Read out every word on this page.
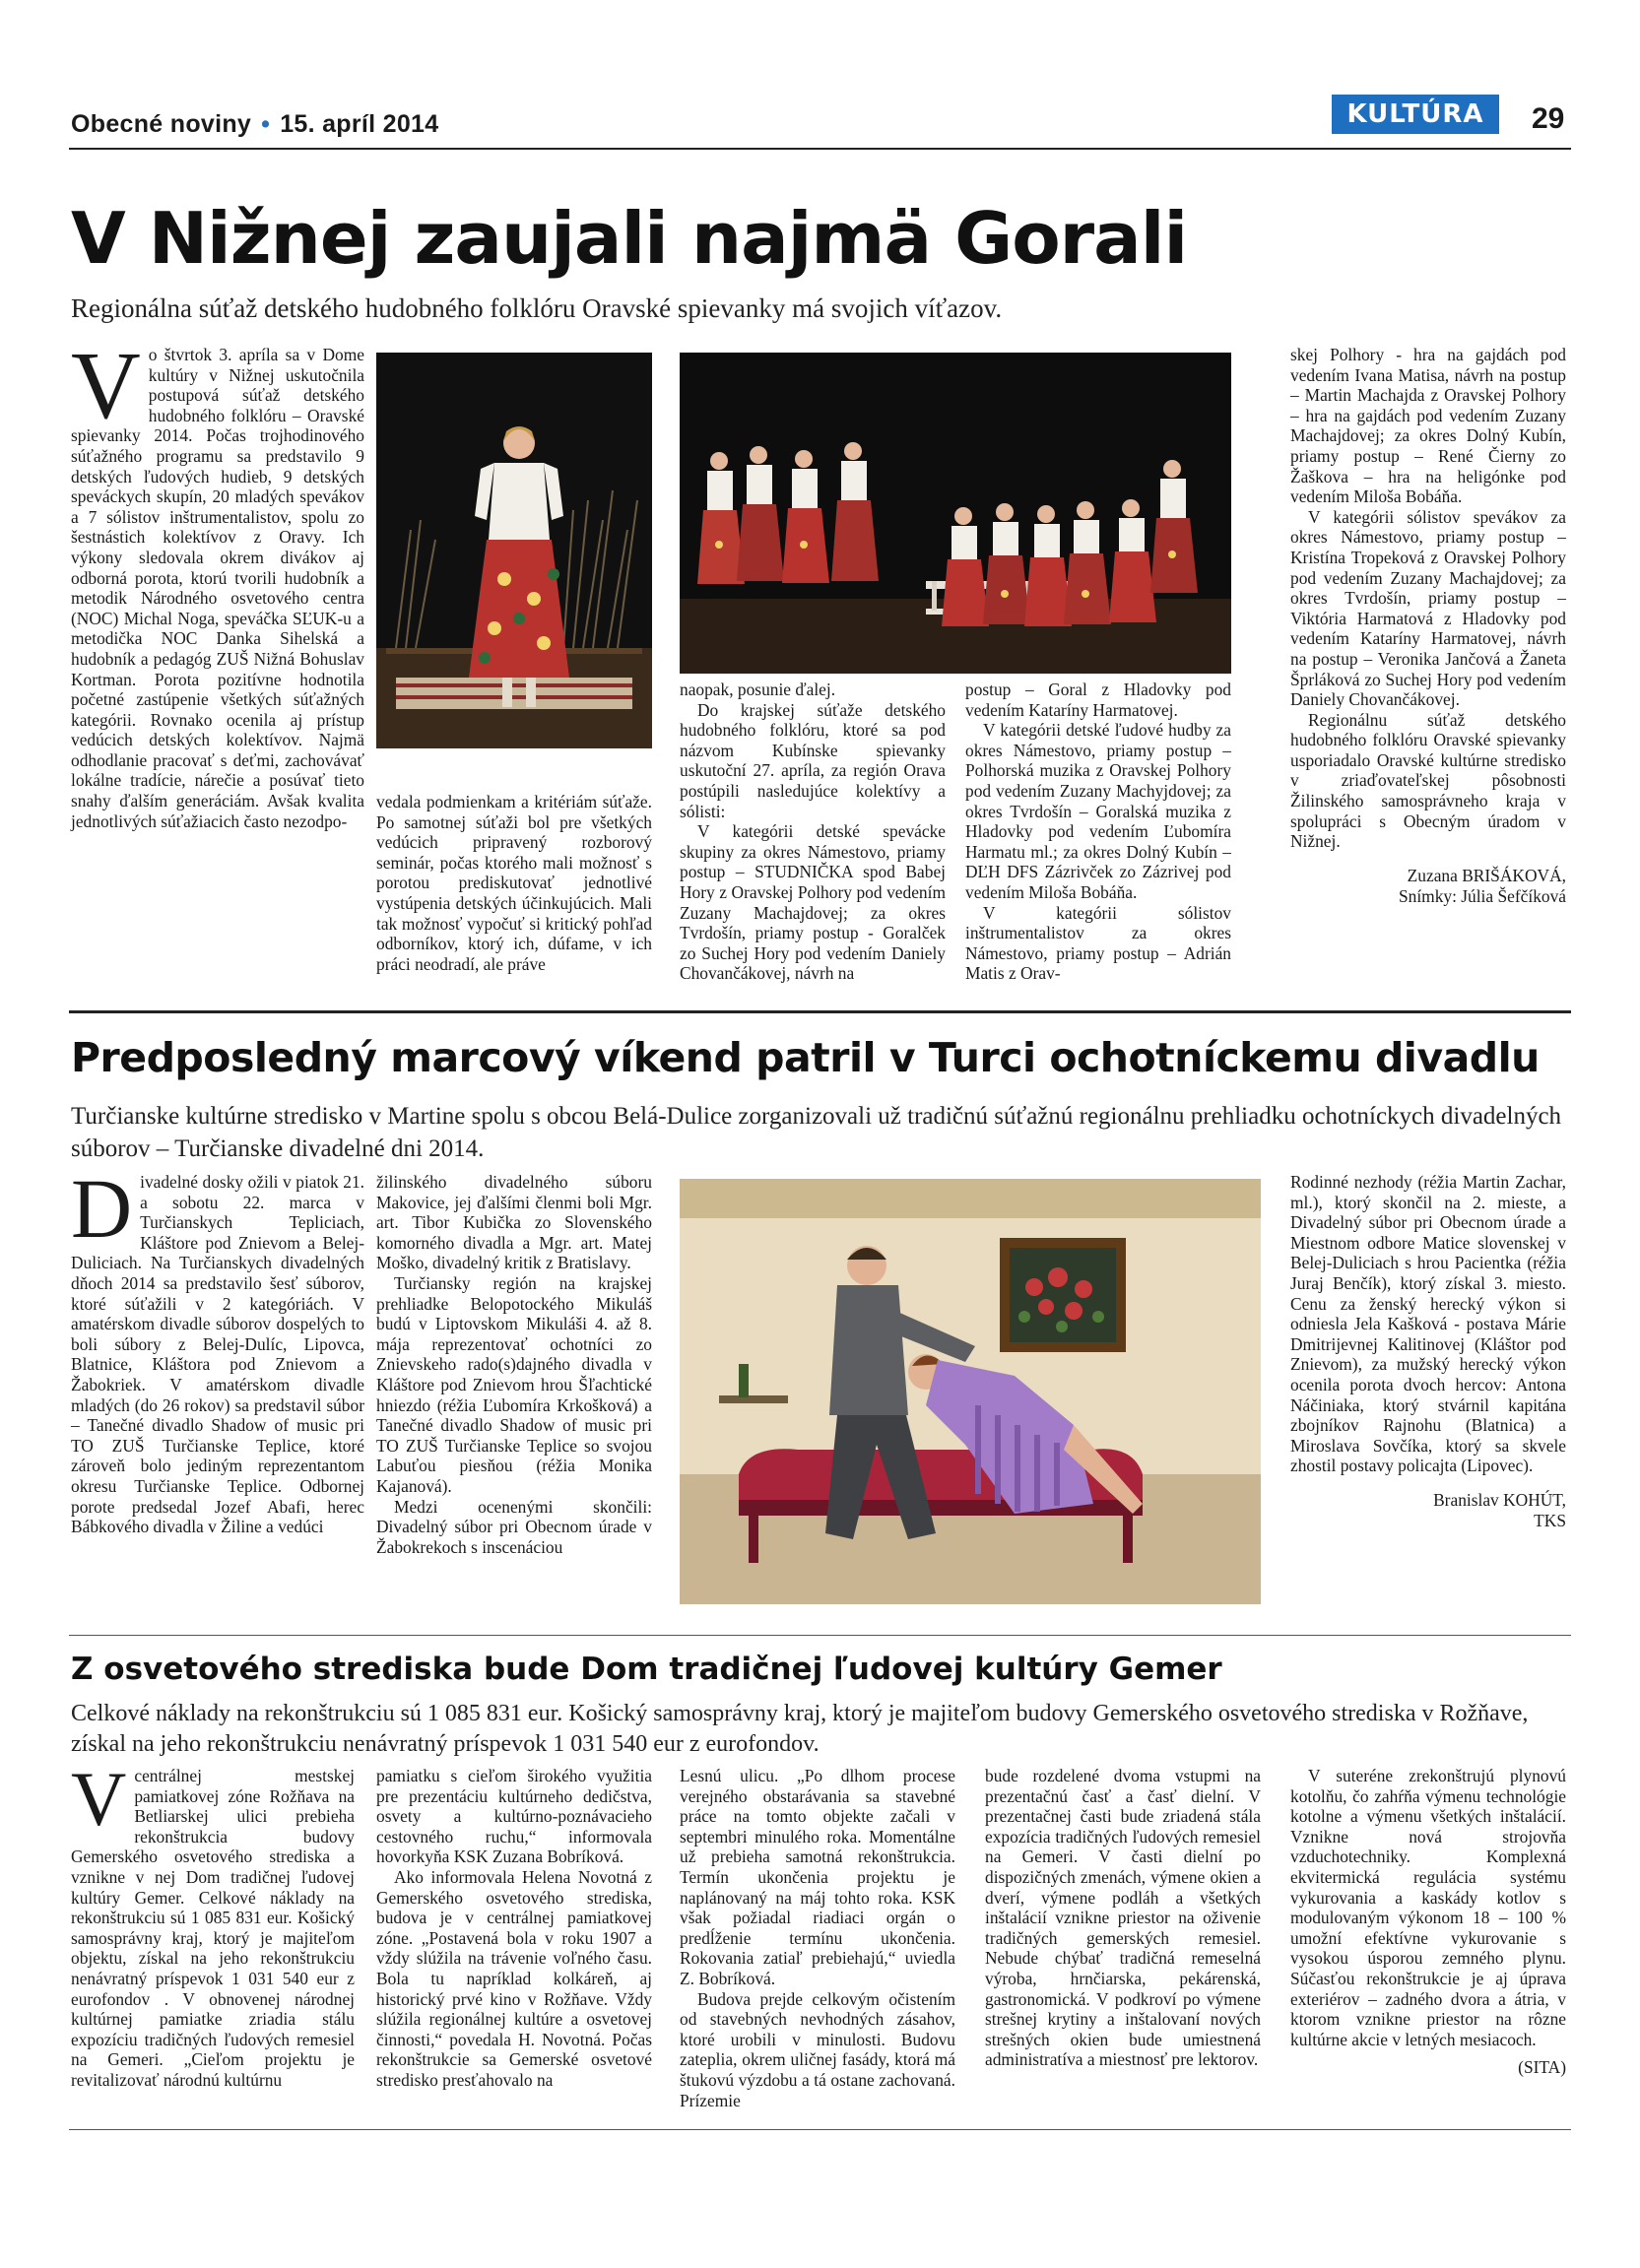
Obecné noviny • 15. apríl 2014	KULTÚRA	29
V Nižnej zaujali najmä Gorali
Regionálna súťaž detského hudobného folklóru Oravské spievanky má svojich víťazov.

Vo štvrtok 3. apríla sa v Dome kultúry v Nižnej uskutočnila postupová súťaž detského hudobného folklóru – Oravské spievanky 2014. Počas trojhodinového súťažného programu sa predstavilo 9 detských ľudových hudieb, 9 detských speváckych skupín, 20 mladých spevákov a 7 sólistov inštrumentalistov, spolu zo šestnástich kolektívov z Oravy. Ich výkony sledovala okrem divákov aj odborná porota, ktorú tvorili hudobník a metodik Národného osvetového centra (NOC) Michal Noga, speváčka SĽUK-u a metodička NOC Danka Sihelská a hudobník a pedagóg ZUŠ Nižná Bohuslav Kortman. Porota pozitívne hodnotila početné zastúpenie všetkých súťažných kategórii. Rovnako ocenila aj prístup vedúcich detských kolektívov. Najmä odhodlanie pracovať s deťmi, zachovávať lokálne tradície, nárečie a posúvať tieto snahy ďalším generáciám. Avšak kvalita jednotlivých súťažiacich často nezodpo-

vedala podmienkam a kritériám súťaže. Po samotnej súťaži bol pre všetkých vedúcich pripravený rozborový seminár, počas ktorého mali možnosť s porotou prediskutovať jednotlivé vystúpenia detských účinkujúcich. Mali tak možnosť vypočuť si kritický pohľad odborníkov, ktorý ich, dúfame, v ich práci neodradí, ale práve

naopak, posunie ďalej.

Do krajskej súťaže detského hudobného folklóru, ktoré sa pod názvom Kubínske spievanky uskutoční 27. apríla, za región Orava postúpili nasledujúce kolektívy a sólisti:

V kategórii detské spevácke skupiny za okres Námestovo, priamy postup – STUDNIČKA spod Babej Hory z Oravskej Polhory pod vedením Zuzany Machajdovej; za okres Tvrdošín, priamy postup - Goralček zo Suchej Hory pod vedením Daniely Chovančákovej, návrh na

postup – Goral z Hladovky pod vedením Kataríny Harmatovej.

V kategórii detské ľudové hudby za okres Námestovo, priamy postup – Polhorská muzika z Oravskej Polhory pod vedením Zuzany Machyjdovej; za okres Tvrdošín – Goralská muzika z Hladovky pod vedením Ľubomíra Harmatu ml.; za okres Dolný Kubín – DĽH DFS Zázrivček zo Zázrivej pod vedením Miloša Bobáňa.

V kategórii sólistov inštrumentalistov za okres Námestovo, priamy postup – Adrián Matis z Orav-

skej Polhory - hra na gajdách pod vedením Ivana Matisa, návrh na postup – Martin Machajda z Oravskej Polhory – hra na gajdách pod vedením Zuzany Machajdovej; za okres Dolný Kubín, priamy postup – René Čierny zo Žaškova – hra na heligónke pod vedením Miloša Bobáňa.

V kategórii sólistov spevákov za okres Námestovo, priamy postup – Kristína Tropeková z Oravskej Polhory pod vedením Zuzany Machajdovej; za okres Tvrdošín, priamy postup – Viktória Harmatová z Hladovky pod vedením Kataríny Harmatovej, návrh na postup – Veronika Jančová a Žaneta Šprláková zo Suchej Hory pod vedením Daniely Chovančákovej.

Regionálnu súťaž detského hudobného folklóru Oravské spievanky usporiadalo Oravské kultúrne stredisko v zriaďovateľskej pôsobnosti Žilinského samosprávneho kraja v spolupráci s Obecným úradom v Nižnej.

Zuzana BRIŠÁKOVÁ,
Snímky: Júlia Šefčíková
Predposledný marcový víkend patril v Turci ochotníckemu divadlu
Turčianske kultúrne stredisko v Martine spolu s obcou Belá-Dulice zorganizovali už tradičnú súťažnú regionálnu prehliadku ochotníckych divadelných súborov – Turčianske divadelné dni 2014.

Divadelné dosky ožili v piatok 21. a sobotu 22. marca v Turčianskych Tepliciach, Kláštore pod Znievom a Belej-Duliciach. Na Turčianskych divadelných dňoch 2014 sa predstavilo šesť súborov, ktoré súťažili v 2 kategóriách. V amatérskom divadle súborov dospelých to boli súbory z Belej-Dulíc, Lipovca, Blatnice, Kláštora pod Znievom a Žabokriek. V amatérskom divadle mladých (do 26 rokov) sa predstavil súbor – Tanečné divadlo Shadow of music pri TO ZUŠ Turčianske Teplice, ktoré zároveň bolo jediným reprezentantom okresu Turčianske Teplice. Odbornej porote predsedal Jozef Abafi, herec Bábkového divadla v Žiline a vedúci

žilinského divadelného súboru Makovice, jej ďalšími členmi boli Mgr. art. Tibor Kubička zo Slovenského komorného divadla a Mgr. art. Matej Moško, divadelný kritik z Bratislavy.

Turčiansky región na krajskej prehliadke Belopotockého Mikuláš budú v Liptovskom Mikuláši 4. až 8. mája reprezentovať ochotníci zo Znievskeho rado(s)dajného divadla v Kláštore pod Znievom hrou Šľachtické hniezdo (réžia Ľubomíra Krkošková) a Tanečné divadlo Shadow of music pri TO ZUŠ Turčianske Teplice so svojou Labuťou piesňou (réžia Monika Kajanová).

Medzi ocenenými skončili: Divadelný súbor pri Obecnom úrade v Žabokrekoch s inscenáciou

Rodinné nezhody (réžia Martin Zachar, ml.), ktorý skončil na 2. mieste, a Divadelný súbor pri Obecnom úrade a Miestnom odbore Matice slovenskej v Belej-Duliciach s hrou Pacientka (réžia Juraj Benčík), ktorý získal 3. miesto. Cenu za ženský herecký výkon si odniesla Jela Kašková - postava Márie Dmitrijevnej Kalitinovej (Kláštor pod Znievom), za mužský herecký výkon ocenila porota dvoch hercov: Antona Náčiniaka, ktorý stvárnil kapitána zbojníkov Rajnohu (Blatnica) a Miroslava Sovčíka, ktorý sa skvele zhostil postavy policajta (Lipovec).

Branislav KOHÚT,
TKS
Z osvetového strediska bude Dom tradičnej ľudovej kultúry Gemer
Celkové náklady na rekonštrukciu sú 1 085 831 eur. Košický samosprávny kraj, ktorý je majiteľom budovy Gemerského osvetového strediska v Rožňave, získal na jeho rekonštrukciu nenávratný príspevok 1 031 540 eur z eurofondov.

Vcentrálnej mestskej pamiatkovej zóne Rožňava na Betliarskej ulici prebieha rekonštrukcia budovy Gemerského osvetového strediska a vznikne v nej Dom tradičnej ľudovej kultúry Gemer. Celkové náklady na rekonštrukciu sú 1 085 831 eur. Košický samosprávny kraj, ktorý je majiteľom objektu, získal na jeho rekonštrukciu nenávratný príspevok 1 031 540 eur z eurofondov . V obnovenej národnej kultúrnej pamiatke zriadia stálu expozíciu tradičných ľudových remesiel na Gemeri. „Cieľom projektu je revitalizovať národnú kultúrnu

pamiatku s cieľom širokého využitia pre prezentáciu kultúrneho dedičstva, osvety a kultúrno-poznávacieho cestovného ruchu,“ informovala hovorkyňa KSK Zuzana Bobríková.

Ako informovala Helena Novotná z Gemerského osvetového strediska, budova je v centrálnej pamiatkovej zóne. „Postavená bola v roku 1907 a vždy slúžila na trávenie voľného času. Bola tu napríklad kolkáreň, aj historický prvé kino v Rožňave. Vždy slúžila regionálnej kultúre a osvetovej činnosti,“ povedala H. Novotná. Počas rekonštrukcie sa Gemerské osvetové stredisko presťahovalo na

Lesnú ulicu. „Po dlhom procese verejného obstarávania sa stavebné práce na tomto objekte začali v septembri minulého roka. Momentálne už prebieha samotná rekonštrukcia. Termín ukončenia projektu je naplánovaný na máj tohto roka. KSK však požiadal riadiaci orgán o predĺženie termínu ukončenia. Rokovania zatiaľ prebiehajú,“ uviedla Z. Bobríková.

Budova prejde celkovým očistením od stavebných nevhodných zásahov, ktoré urobili v minulosti. Budovu zateplia, okrem uličnej fasády, ktorá má štukovú výzdobu a tá ostane zachovaná. Prízemie

bude rozdelené dvoma vstupmi na prezentačnú časť a časť dielní. V prezentačnej časti bude zriadená stála expozícia tradičných ľudových remesiel na Gemeri. V časti dielní po dispozičných zmenách, výmene okien a dverí, výmene podláh a všetkých inštalácií vznikne priestor na oživenie tradičných gemerských remesiel. Nebude chýbať tradičná remeselná výroba, hrnčiarska, pekárenská, gastronomická. V podkroví po výmene strešnej krytiny a inštalovaní nových strešných okien bude umiestnená administratíva a miestnosť pre lektorov.

V suteréne zrekonštrujú plynovú kotolňu, čo zahŕňa výmenu technológie kotolne a výmenu všetkých inštalácií. Vznikne nová strojovňa vzduchotechniky. Komplexná ekvitermická regulácia systému vykurovania a kaskády kotlov s modulovaným výkonom 18 – 100 % umožní efektívne vykurovanie s vysokou úsporou zemného plynu. Súčasťou rekonštrukcie je aj úprava exteriérov – zadného dvora a átria, v ktorom vznikne priestor na rôzne kultúrne akcie v letných mesiacoch.

(SITA)
